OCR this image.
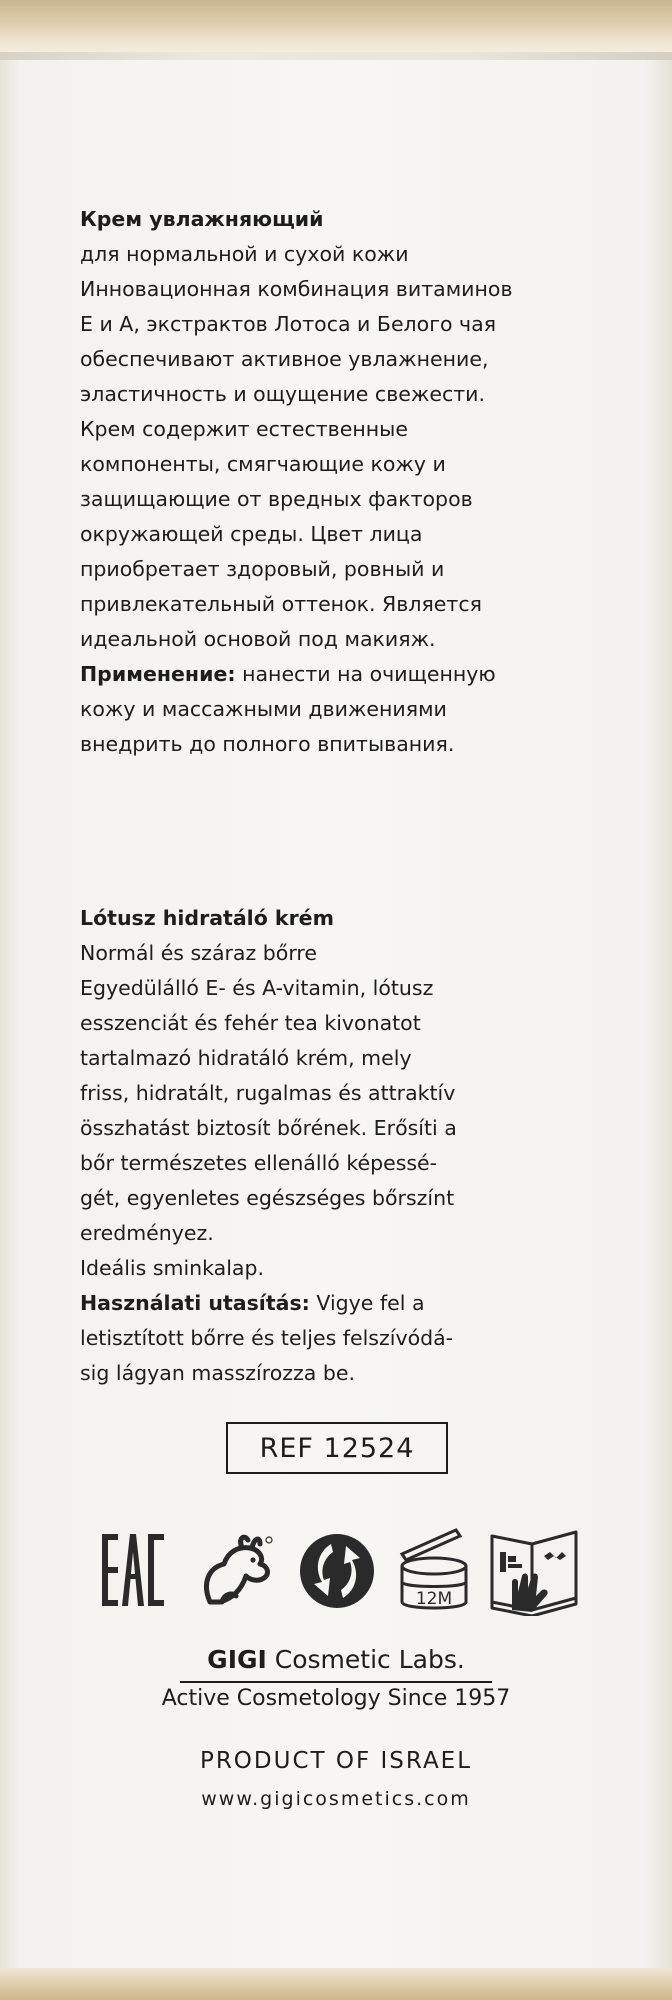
Крем увлажняющий

для нормальной и сухой кожи

Инновационная комбинация витаминов

Е и А, экстрактов Лотоса и Белого чая

обеспечивают активное увлажнение,

эластичность и ощущение свежести.

Крем содержит естественные

компоненты, смягчающие кожу и

защищающие от вредных факторов

окружающей среды. Цвет лица

приобретает здоровый, ровный и

привлекательный оттенок. Является

идеальной основой под макияж.

Применение: нанести на очищенную

кожу и массажными движениями

внедрить до полного впитывания.

Lótusz hidratáló krém

Normál és száraz bőrre

Egyedülálló E- és A-vitamin, lótusz

esszenciát és fehér tea kivonatot

tartalmazó hidratáló krém, mely

friss, hidratált, rugalmas és attraktív

összhatást biztosít bőrének. Erősíti a

bőr természetes ellenálló képessé-

gét, egyenletes egészséges bőrszínt

eredményez.

Ideális sminkalap.

Használati utasítás: Vigye fel a

letisztított bőrre és teljes felszívódá-

sig lágyan masszírozza be.

REF 12524
EAC
12M
GIGI Cosmetic Labs.
Active Cosmetology Since 1957
PRODUCT OF ISRAEL
www.gigicosmetics.com
